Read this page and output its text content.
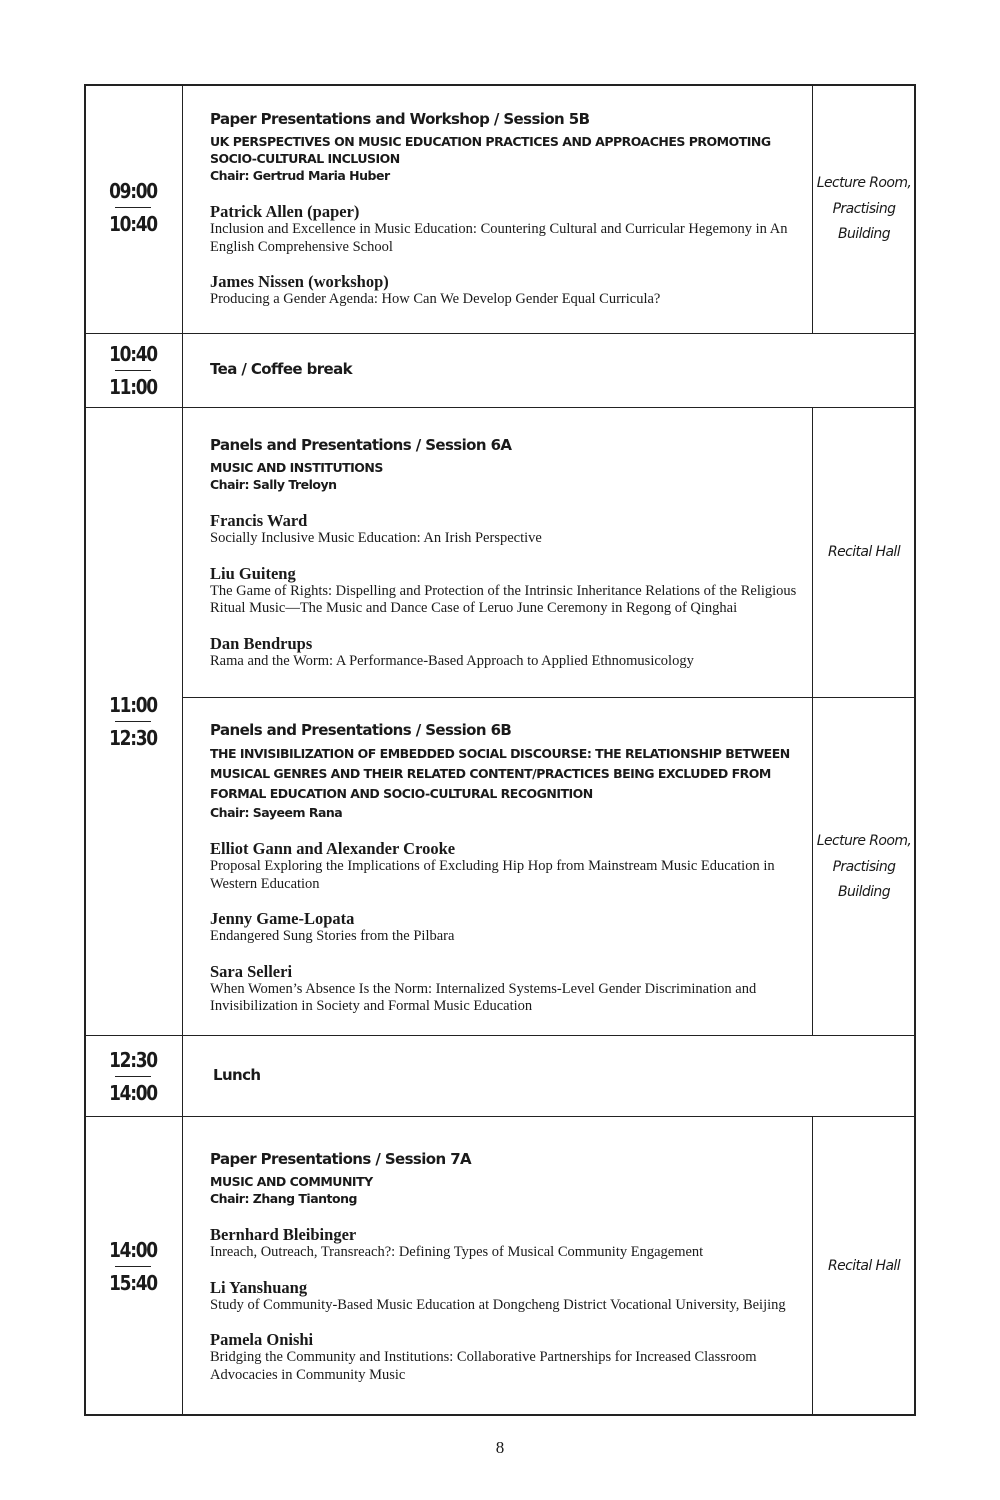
09:00
10:40

Paper Presentations and Workshop / Session 5B

UK PERSPECTIVES ON MUSIC EDUCATION PRACTICES AND APPROACHES PROMOTING SOCIO-CULTURAL INCLUSION

Chair: Gertrud Maria Huber

Patrick Allen (paper)

Inclusion and Excellence in Music Education: Countering Cultural and Curricular Hegemony in An English Comprehensive School

James Nissen (workshop)

Producing a Gender Agenda: How Can We Develop Gender Equal Curricula?

Lecture Room, Practising Building
10:40
11:00
Tea / Coffee break
11:00
12:30

Panels and Presentations / Session 6A

MUSIC AND INSTITUTIONS

Chair: Sally Treloyn

Francis Ward

Socially Inclusive Music Education: An Irish Perspective

Liu Guiteng

The Game of Rights: Dispelling and Protection of the Intrinsic Inheritance Relations of the Religious Ritual Music—The Music and Dance Case of Leruo June Ceremony in Regong of Qinghai

Dan Bendrups

Rama and the Worm: A Performance-Based Approach to Applied Ethnomusicology

Recital Hall

Panels and Presentations / Session 6B

THE INVISIBILIZATION OF EMBEDDED SOCIAL DISCOURSE: THE RELATIONSHIP BETWEEN MUSICAL GENRES AND THEIR RELATED CONTENT/PRACTICES BEING EXCLUDED FROM FORMAL EDUCATION AND SOCIO-CULTURAL RECOGNITION

Chair: Sayeem Rana

Elliot Gann and Alexander Crooke

Proposal Exploring the Implications of Excluding Hip Hop from Mainstream Music Education in Western Education

Jenny Game-Lopata

Endangered Sung Stories from the Pilbara

Sara Selleri

When Women’s Absence Is the Norm: Internalized Systems-Level Gender Discrimination and Invisibilization in Society and Formal Music Education

Lecture Room, Practising Building
12:30
14:00
Lunch
14:00
15:40

Paper Presentations / Session 7A

MUSIC AND COMMUNITY

Chair: Zhang Tiantong

Bernhard Bleibinger

Inreach, Outreach, Transreach?: Defining Types of Musical Community Engagement

Li Yanshuang

Study of Community-Based Music Education at Dongcheng District Vocational University, Beijing

Pamela Onishi

Bridging the Community and Institutions: Collaborative Partnerships for Increased Classroom Advocacies in Community Music

Recital Hall
8
